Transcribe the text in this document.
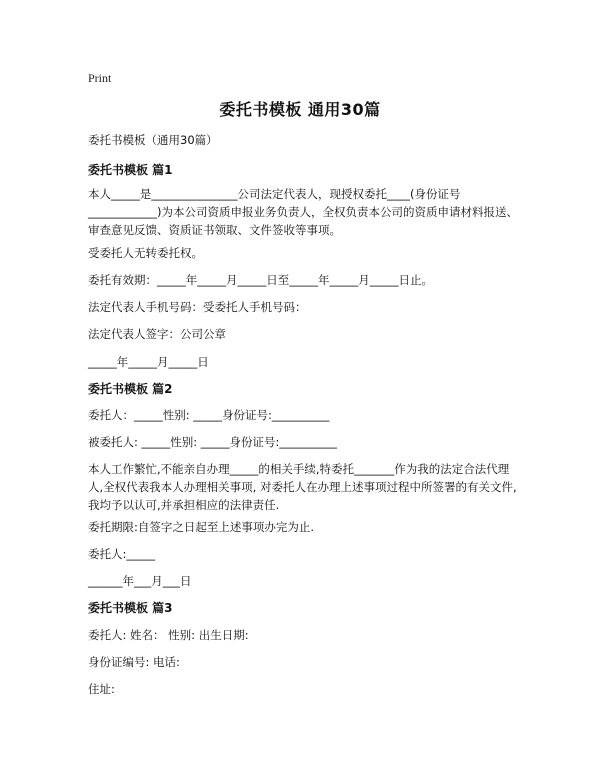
Print
委托书模板 通用30篇
委托书模板（通用30篇）
委托书模板 篇1
本人_____是_______________公司法定代表人，现授权委托____(身份证号____________)为本公司资质申报业务负责人，全权负责本公司的资质申请材料报送、审查意见反馈、资质证书领取、文件签收等事项。
受委托人无转委托权。
委托有效期：_____年_____月_____日至_____年_____月_____日止。
法定代表人手机号码：受委托人手机号码：
法定代表人签字：公司公章
_____年_____月_____日
委托书模板 篇2
委托人：_____性别: _____身份证号:__________
被委托人: _____性别: _____身份证号:__________
本人工作繁忙,不能亲自办理_____的相关手续,特委托_______作为我的法定合法代理人,全权代表我本人办理相关事项, 对委托人在办理上述事项过程中所签署的有关文件,我均予以认可,并承担相应的法律责任.
委托期限:自签字之日起至上述事项办完为止.
委托人:_____
______年___月___日
委托书模板 篇3
委托人: 姓名： 性别: 出生日期:
身份证编号: 电话:
住址:
